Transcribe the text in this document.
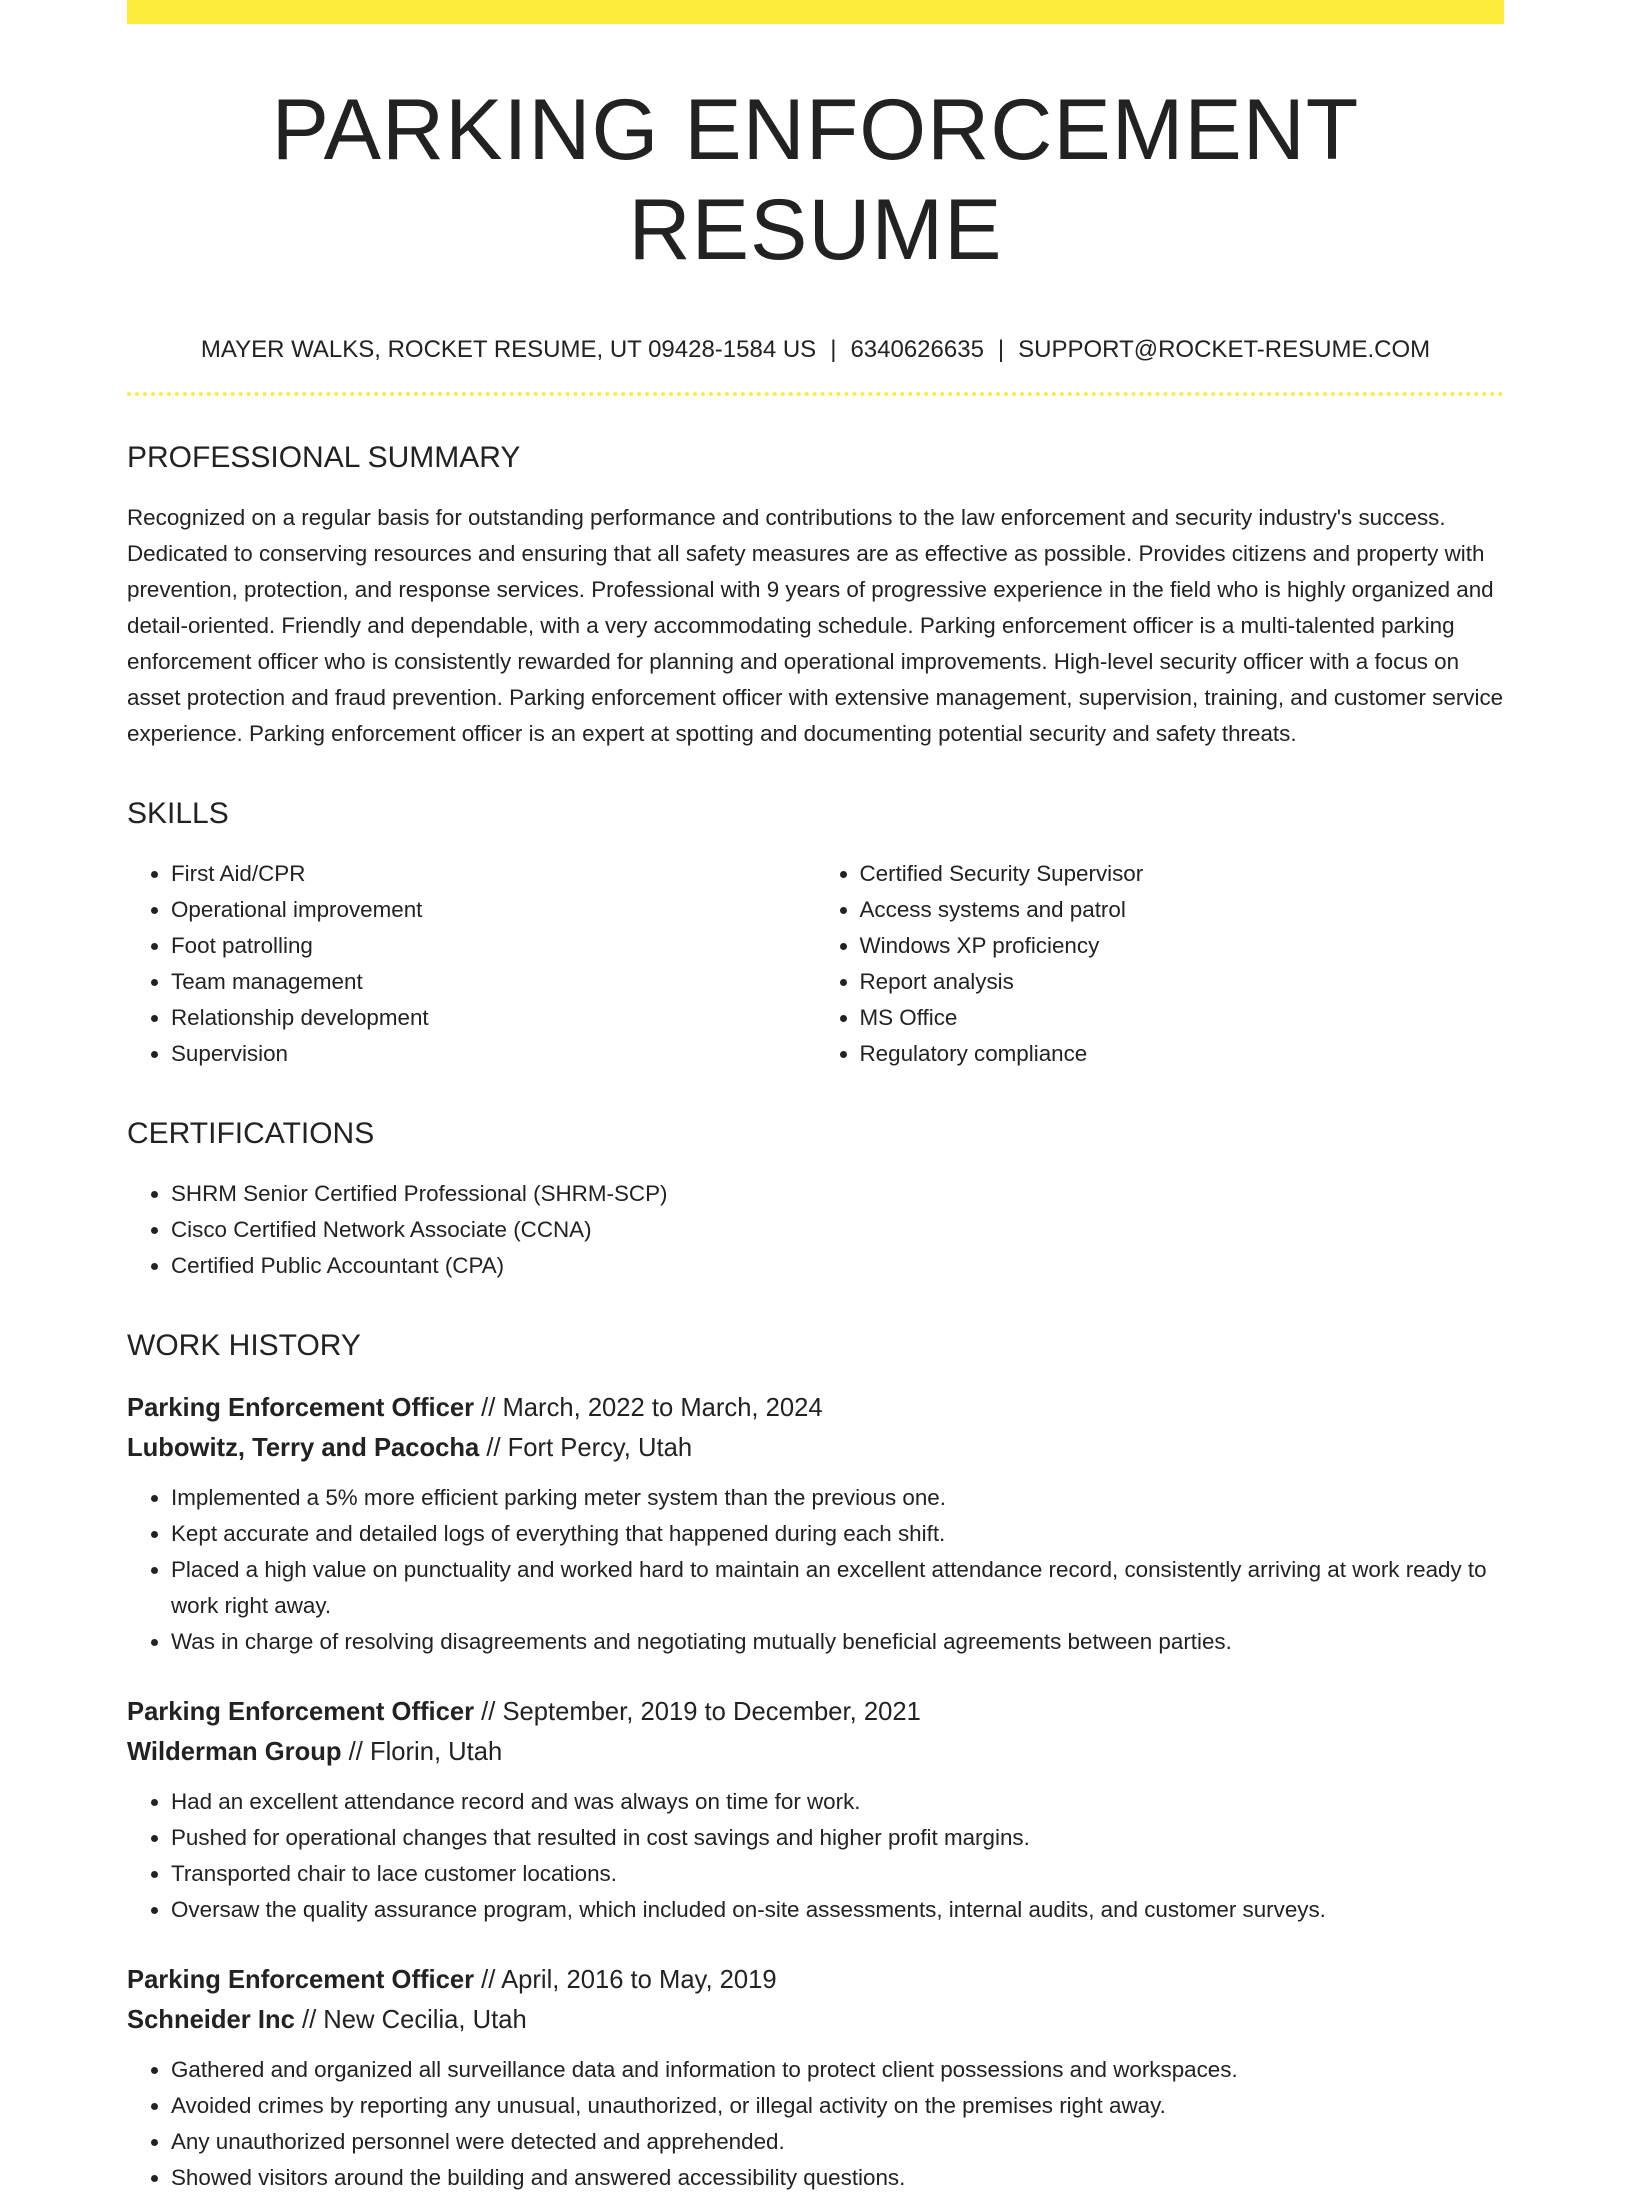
PARKING ENFORCEMENT RESUME
MAYER WALKS, ROCKET RESUME, UT 09428-1584 US | 6340626635 | SUPPORT@ROCKET-RESUME.COM
PROFESSIONAL SUMMARY

Recognized on a regular basis for outstanding performance and contributions to the law enforcement and security industry's success. Dedicated to conserving resources and ensuring that all safety measures are as effective as possible. Provides citizens and property with prevention, protection, and response services. Professional with 9 years of progressive experience in the field who is highly organized and detail-oriented. Friendly and dependable, with a very accommodating schedule. Parking enforcement officer is a multi-talented parking enforcement officer who is consistently rewarded for planning and operational improvements. High-level security officer with a focus on asset protection and fraud prevention. Parking enforcement officer with extensive management, supervision, training, and customer service experience. Parking enforcement officer is an expert at spotting and documenting potential security and safety threats.

SKILLS
• First Aid/CPR
• Operational improvement
• Foot patrolling
• Team management
• Relationship development
• Supervision
• Certified Security Supervisor
• Access systems and patrol
• Windows XP proficiency
• Report analysis
• MS Office
• Regulatory compliance
CERTIFICATIONS
• SHRM Senior Certified Professional (SHRM-SCP)
• Cisco Certified Network Associate (CCNA)
• Certified Public Accountant (CPA)
WORK HISTORY
Parking Enforcement Officer // March, 2022 to March, 2024
Lubowitz, Terry and Pacocha // Fort Percy, Utah
• Implemented a 5% more efficient parking meter system than the previous one.
• Kept accurate and detailed logs of everything that happened during each shift.
• Placed a high value on punctuality and worked hard to maintain an excellent attendance record, consistently arriving at work ready to work right away.
• Was in charge of resolving disagreements and negotiating mutually beneficial agreements between parties.
Parking Enforcement Officer // September, 2019 to December, 2021
Wilderman Group // Florin, Utah
• Had an excellent attendance record and was always on time for work.
• Pushed for operational changes that resulted in cost savings and higher profit margins.
• Transported chair to lace customer locations.
• Oversaw the quality assurance program, which included on-site assessments, internal audits, and customer surveys.
Parking Enforcement Officer // April, 2016 to May, 2019
Schneider Inc // New Cecilia, Utah
• Gathered and organized all surveillance data and information to protect client possessions and workspaces.
• Avoided crimes by reporting any unusual, unauthorized, or illegal activity on the premises right away.
• Any unauthorized personnel were detected and apprehended.
• Showed visitors around the building and answered accessibility questions.
